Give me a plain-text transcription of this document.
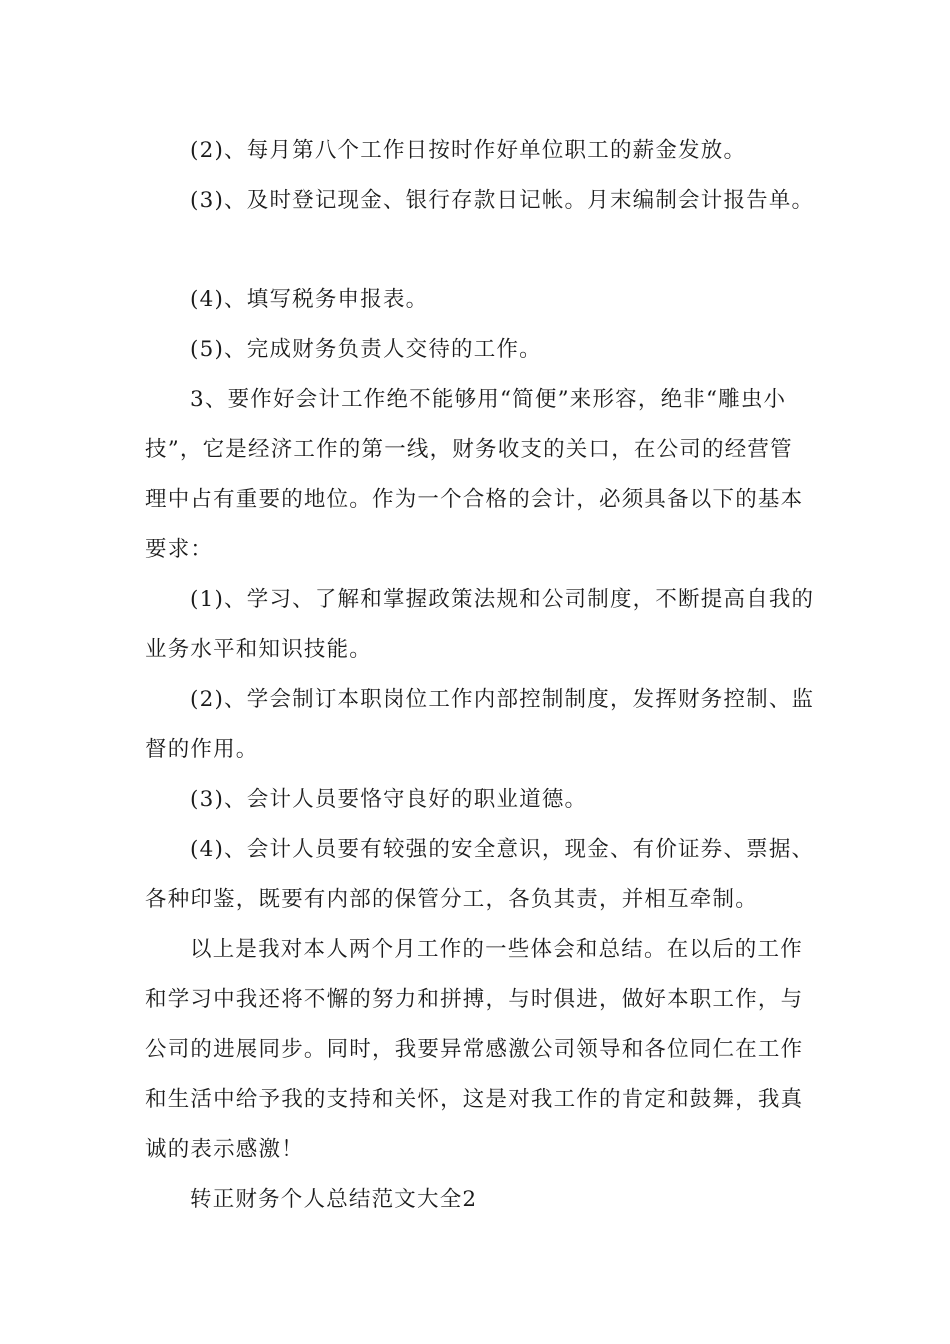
(2)、每月第八个工作日按时作好单位职工的薪金发放。
(3)、及时登记现金、银行存款日记帐。月末编制会计报告单。
(4)、填写税务申报表。
(5)、完成财务负责人交待的工作。
3、要作好会计工作绝不能够用“简便”来形容，绝非“雕虫小
技”，它是经济工作的第一线，财务收支的关口，在公司的经营管
理中占有重要的地位。作为一个合格的会计，必须具备以下的基本
要求：
(1)、学习、了解和掌握政策法规和公司制度，不断提高自我的
业务水平和知识技能。
(2)、学会制订本职岗位工作内部控制制度，发挥财务控制、监
督的作用。
(3)、会计人员要恪守良好的职业道德。
(4)、会计人员要有较强的安全意识，现金、有价证券、票据、
各种印鉴，既要有内部的保管分工，各负其责，并相互牵制。
以上是我对本人两个月工作的一些体会和总结。在以后的工作
和学习中我还将不懈的努力和拼搏，与时俱进，做好本职工作，与
公司的进展同步。同时，我要异常感激公司领导和各位同仁在工作
和生活中给予我的支持和关怀，这是对我工作的肯定和鼓舞，我真
诚的表示感激！
转正财务个人总结范文大全2
